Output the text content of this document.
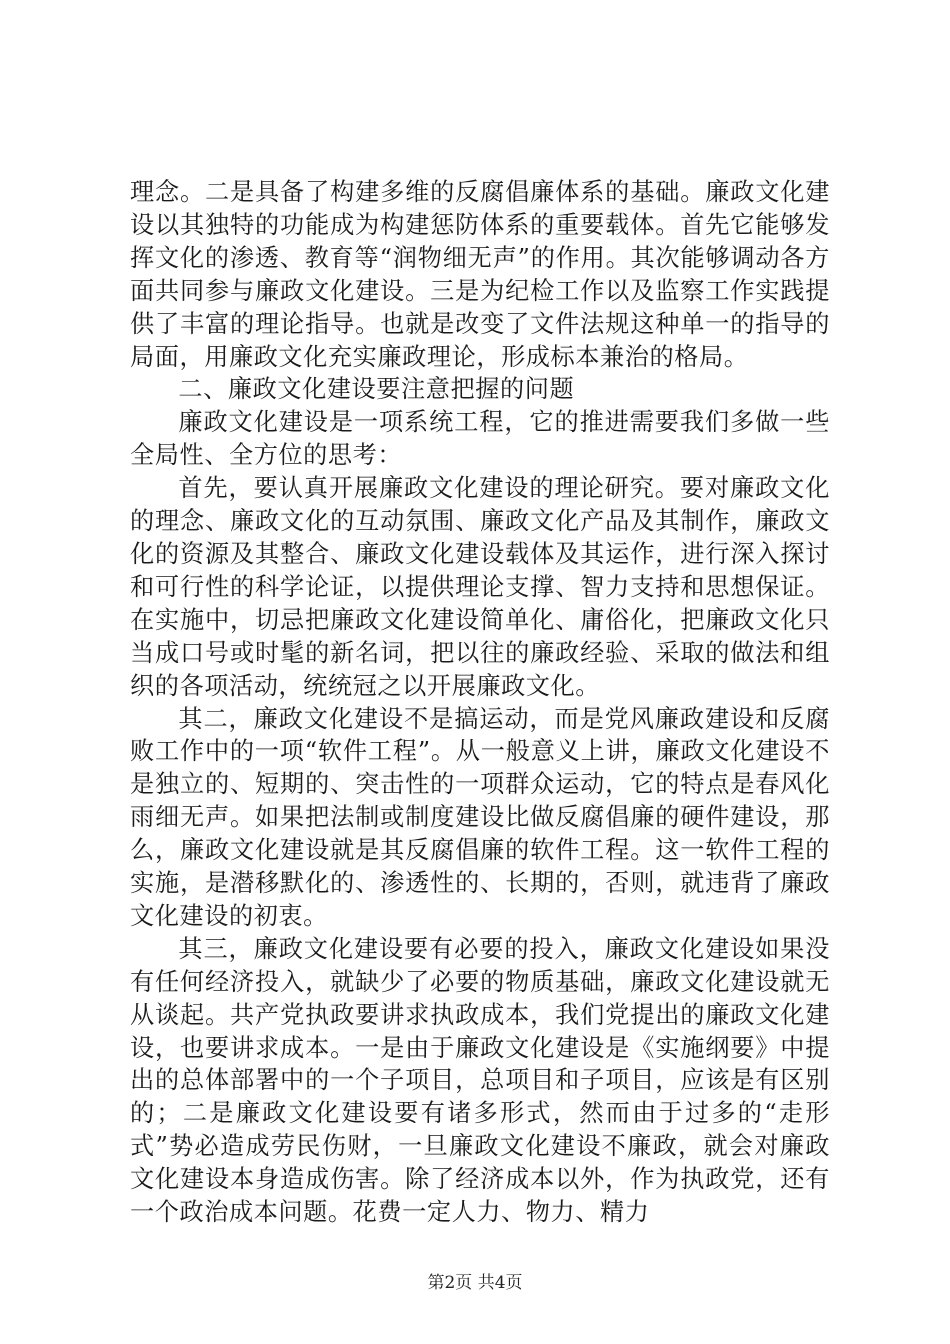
理念。二是具备了构建多维的反腐倡廉体系的基础。廉政文化建设以其独特的功能成为构建惩防体系的重要载体。首先它能够发挥文化的渗透、教育等“润物细无声”的作用。其次能够调动各方面共同参与廉政文化建设。三是为纪检工作以及监察工作实践提供了丰富的理论指导。也就是改变了文件法规这种单一的指导的局面，用廉政文化充实廉政理论，形成标本兼治的格局。

二、廉政文化建设要注意把握的问题

廉政文化建设是一项系统工程，它的推进需要我们多做一些全局性、全方位的思考：

首先，要认真开展廉政文化建设的理论研究。要对廉政文化的理念、廉政文化的互动氛围、廉政文化产品及其制作，廉政文化的资源及其整合、廉政文化建设载体及其运作，进行深入探讨和可行性的科学论证，以提供理论支撑、智力支持和思想保证。在实施中，切忌把廉政文化建设简单化、庸俗化，把廉政文化只当成口号或时髦的新名词，把以往的廉政经验、采取的做法和组织的各项活动，统统冠之以开展廉政文化。

其二，廉政文化建设不是搞运动，而是党风廉政建设和反腐败工作中的一项“软件工程”。从一般意义上讲，廉政文化建设不是独立的、短期的、突击性的一项群众运动，它的特点是春风化雨细无声。如果把法制或制度建设比做反腐倡廉的硬件建设，那么，廉政文化建设就是其反腐倡廉的软件工程。这一软件工程的实施，是潜移默化的、渗透性的、长期的，否则，就违背了廉政文化建设的初衷。

其三，廉政文化建设要有必要的投入，廉政文化建设如果没有任何经济投入，就缺少了必要的物质基础，廉政文化建设就无从谈起。共产党执政要讲求执政成本，我们党提出的廉政文化建设，也要讲求成本。一是由于廉政文化建设是《实施纲要》中提出的总体部署中的一个子项目，总项目和子项目，应该是有区别的；二是廉政文化建设要有诸多形式，然而由于过多的“走形式”势必造成劳民伤财，一旦廉政文化建设不廉政，就会对廉政文化建设本身造成伤害。除了经济成本以外，作为执政党，还有一个政治成本问题。花费一定人力、物力、精力

第2页 共4页
